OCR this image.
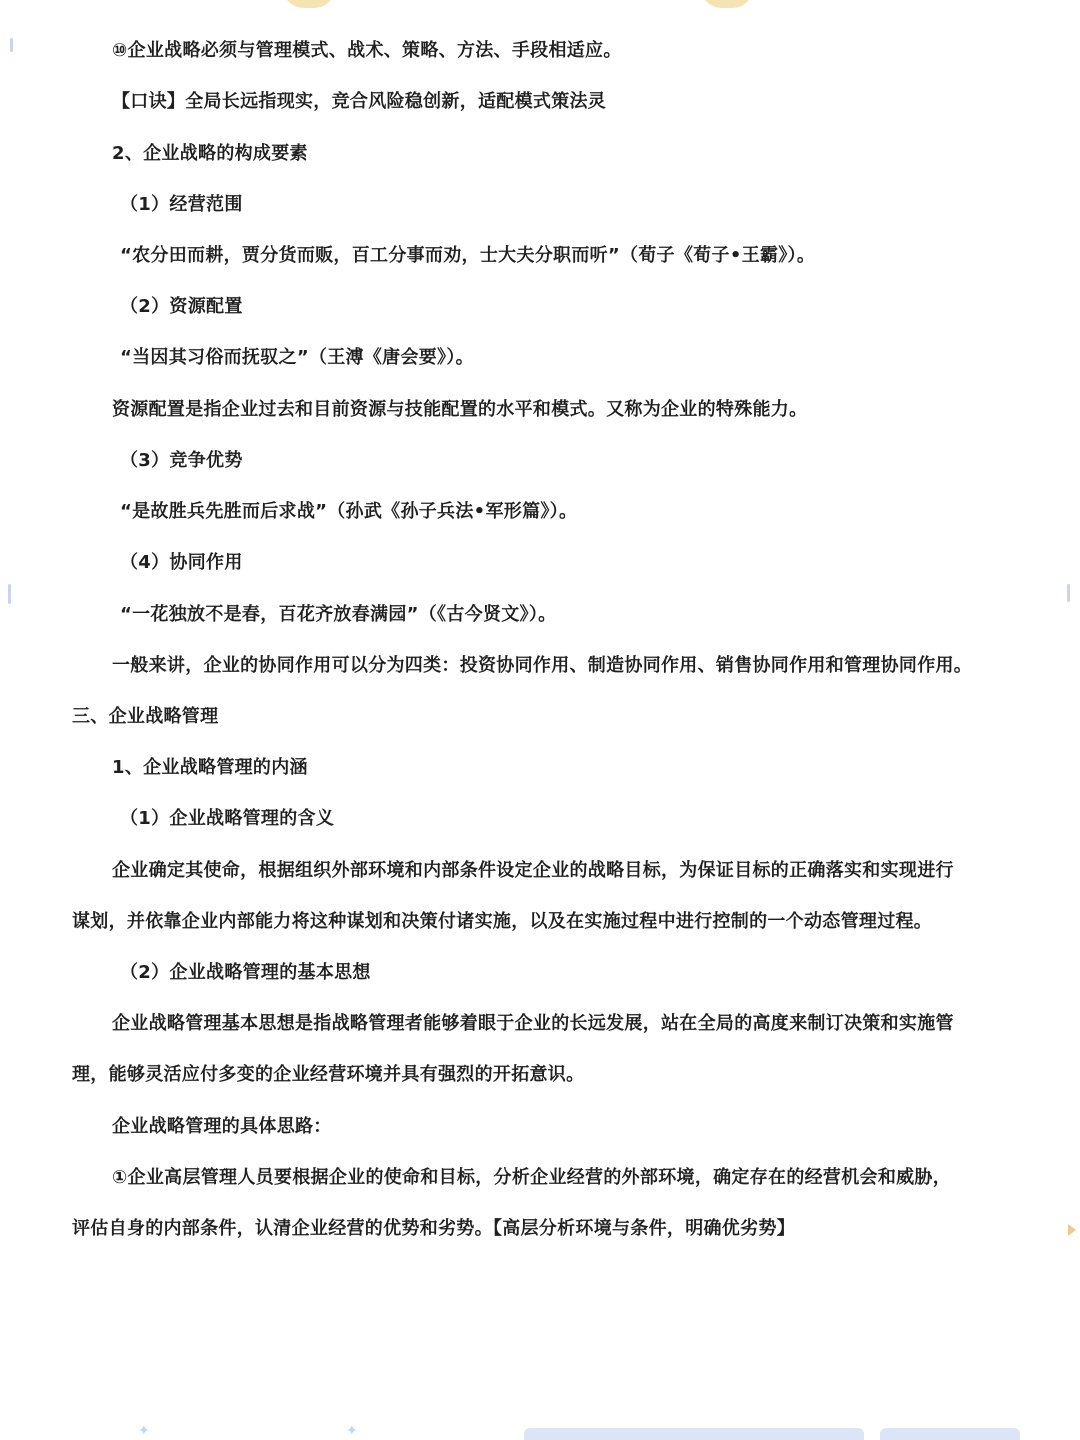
⑩企业战略必须与管理模式、战术、策略、方法、手段相适应。
【口诀】全局长远指现实，竞合风险稳创新，适配模式策法灵
2、企业战略的构成要素
（1）经营范围
“农分田而耕，贾分货而贩，百工分事而劝，士大夫分职而听”（荀子《荀子•王霸》）。
（2）资源配置
“当因其习俗而抚驭之”（王溥《唐会要》）。
资源配置是指企业过去和目前资源与技能配置的水平和模式。又称为企业的特殊能力。
（3）竞争优势
“是故胜兵先胜而后求战”（孙武《孙子兵法•军形篇》）。
（4）协同作用
“一花独放不是春，百花齐放春满园”（《古今贤文》）。
一般来讲，企业的协同作用可以分为四类：投资协同作用、制造协同作用、销售协同作用和管理协同作用。
三、企业战略管理
1、企业战略管理的内涵
（1）企业战略管理的含义
企业确定其使命，根据组织外部环境和内部条件设定企业的战略目标，为保证目标的正确落实和实现进行
谋划，并依靠企业内部能力将这种谋划和决策付诸实施，以及在实施过程中进行控制的一个动态管理过程。
（2）企业战略管理的基本思想
企业战略管理基本思想是指战略管理者能够着眼于企业的长远发展，站在全局的高度来制订决策和实施管
理，能够灵活应付多变的企业经营环境并具有强烈的开拓意识。
企业战略管理的具体思路：
①企业高层管理人员要根据企业的使命和目标，分析企业经营的外部环境，确定存在的经营机会和威胁，
评估自身的内部条件，认清企业经营的优势和劣势。【高层分析环境与条件，明确优劣势】
✦	✦
